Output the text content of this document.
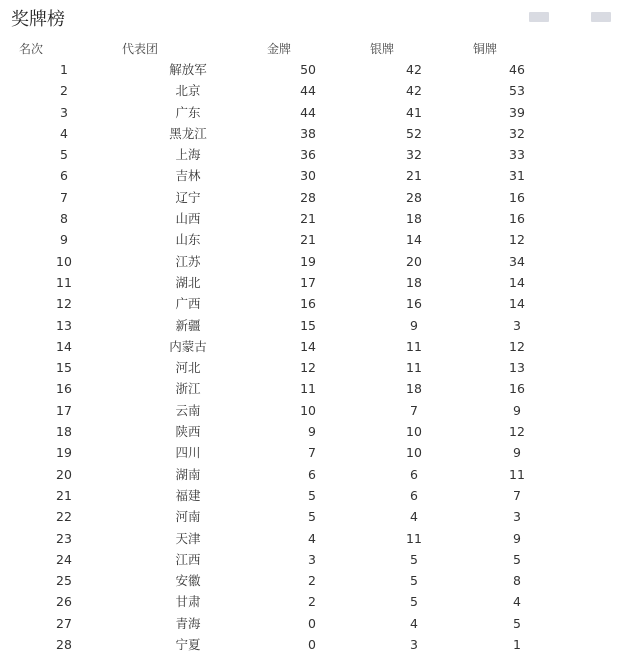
奖牌榜
名次	代表团	金牌	银牌	铜牌
1	解放军	50	42	46
2	北京	44	42	53
3	广东	44	41	39
4	黑龙江	38	52	32
5	上海	36	32	33
6	吉林	30	21	31
7	辽宁	28	28	16
8	山西	21	18	16
9	山东	21	14	12
10	江苏	19	20	34
11	湖北	17	18	14
12	广西	16	16	14
13	新疆	15	9	3
14	内蒙古	14	11	12
15	河北	12	11	13
16	浙江	11	18	16
17	云南	10	7	9
18	陕西	9	10	12
19	四川	7	10	9
20	湖南	6	6	11
21	福建	5	6	7
22	河南	5	4	3
23	天津	4	11	9
24	江西	3	5	5
25	安徽	2	5	8
26	甘肃	2	5	4
27	青海	0	4	5
28	宁夏	0	3	1
